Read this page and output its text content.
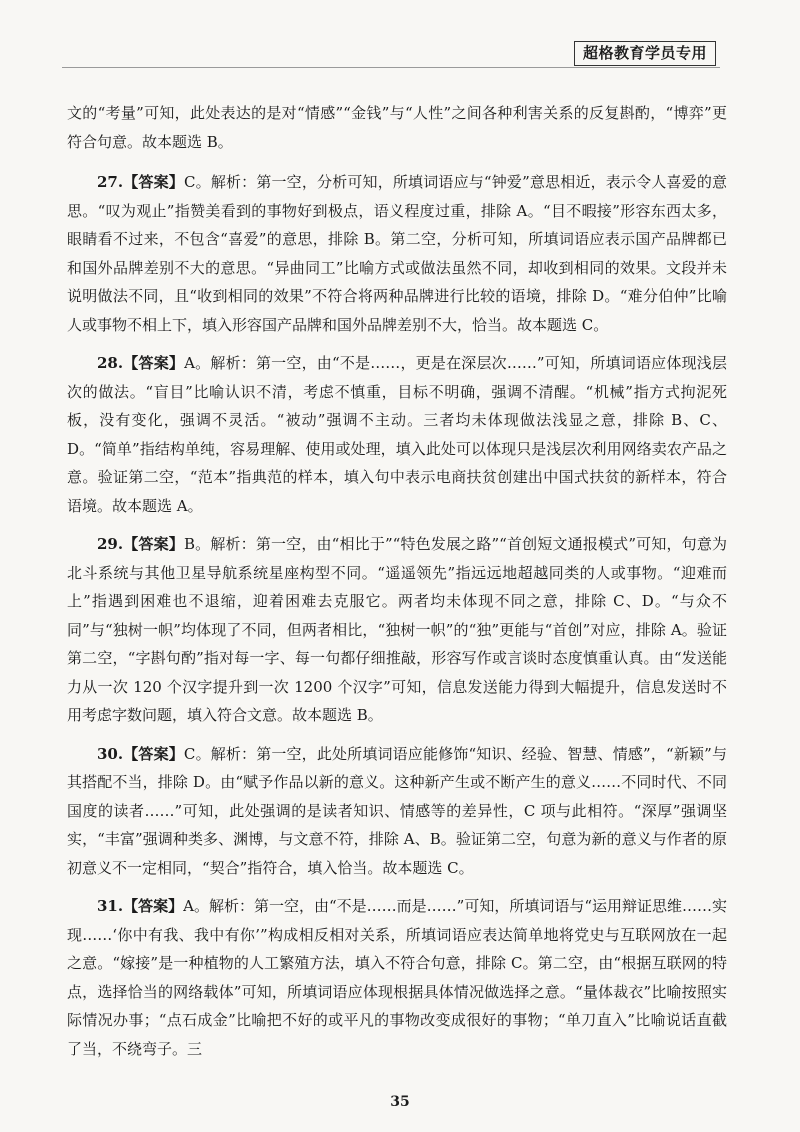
超格教育学员专用

文的“考量”可知，此处表达的是对“情感”“金钱”与“人性”之间各种利害关系的反复斟酌，“博弈”更符合句意。故本题选 B。

27.【答案】C。解析：第一空，分析可知，所填词语应与“钟爱”意思相近，表示令人喜爱的意思。“叹为观止”指赞美看到的事物好到极点，语义程度过重，排除 A。“目不暇接”形容东西太多，眼睛看不过来，不包含“喜爱”的意思，排除 B。第二空，分析可知，所填词语应表示国产品牌都已和国外品牌差别不大的意思。“异曲同工”比喻方式或做法虽然不同，却收到相同的效果。文段并未说明做法不同，且“收到相同的效果”不符合将两种品牌进行比较的语境，排除 D。“难分伯仲”比喻人或事物不相上下，填入形容国产品牌和国外品牌差别不大，恰当。故本题选 C。

28.【答案】A。解析：第一空，由“不是……，更是在深层次……”可知，所填词语应体现浅层次的做法。“盲目”比喻认识不清，考虑不慎重，目标不明确，强调不清醒。“机械”指方式拘泥死板，没有变化，强调不灵活。“被动”强调不主动。三者均未体现做法浅显之意，排除 B、C、D。“简单”指结构单纯，容易理解、使用或处理，填入此处可以体现只是浅层次利用网络卖农产品之意。验证第二空，“范本”指典范的样本，填入句中表示电商扶贫创建出中国式扶贫的新样本，符合语境。故本题选 A。

29.【答案】B。解析：第一空，由“相比于”“特色发展之路”“首创短文通报模式”可知，句意为北斗系统与其他卫星导航系统星座构型不同。“遥遥领先”指远远地超越同类的人或事物。“迎难而上”指遇到困难也不退缩，迎着困难去克服它。两者均未体现不同之意，排除 C、D。“与众不同”与“独树一帜”均体现了不同，但两者相比，“独树一帜”的“独”更能与“首创”对应，排除 A。验证第二空，“字斟句酌”指对每一字、每一句都仔细推敲，形容写作或言谈时态度慎重认真。由“发送能力从一次 120 个汉字提升到一次 1200 个汉字”可知，信息发送能力得到大幅提升，信息发送时不用考虑字数问题，填入符合文意。故本题选 B。

30.【答案】C。解析：第一空，此处所填词语应能修饰“知识、经验、智慧、情感”，“新颖”与其搭配不当，排除 D。由“赋予作品以新的意义。这种新产生或不断产生的意义……不同时代、不同国度的读者……”可知，此处强调的是读者知识、情感等的差异性，C 项与此相符。“深厚”强调坚实，“丰富”强调种类多、渊博，与文意不符，排除 A、B。验证第二空，句意为新的意义与作者的原初意义不一定相同，“契合”指符合，填入恰当。故本题选 C。

31.【答案】A。解析：第一空，由“不是……而是……”可知，所填词语与“运用辩证思维……实现……‘你中有我、我中有你’”构成相反相对关系，所填词语应表达简单地将党史与互联网放在一起之意。“嫁接”是一种植物的人工繁殖方法，填入不符合句意，排除 C。第二空，由“根据互联网的特点，选择恰当的网络载体”可知，所填词语应体现根据具体情况做选择之意。“量体裁衣”比喻按照实际情况办事；“点石成金”比喻把不好的或平凡的事物改变成很好的事物；“单刀直入”比喻说话直截了当，不绕弯子。三

35
